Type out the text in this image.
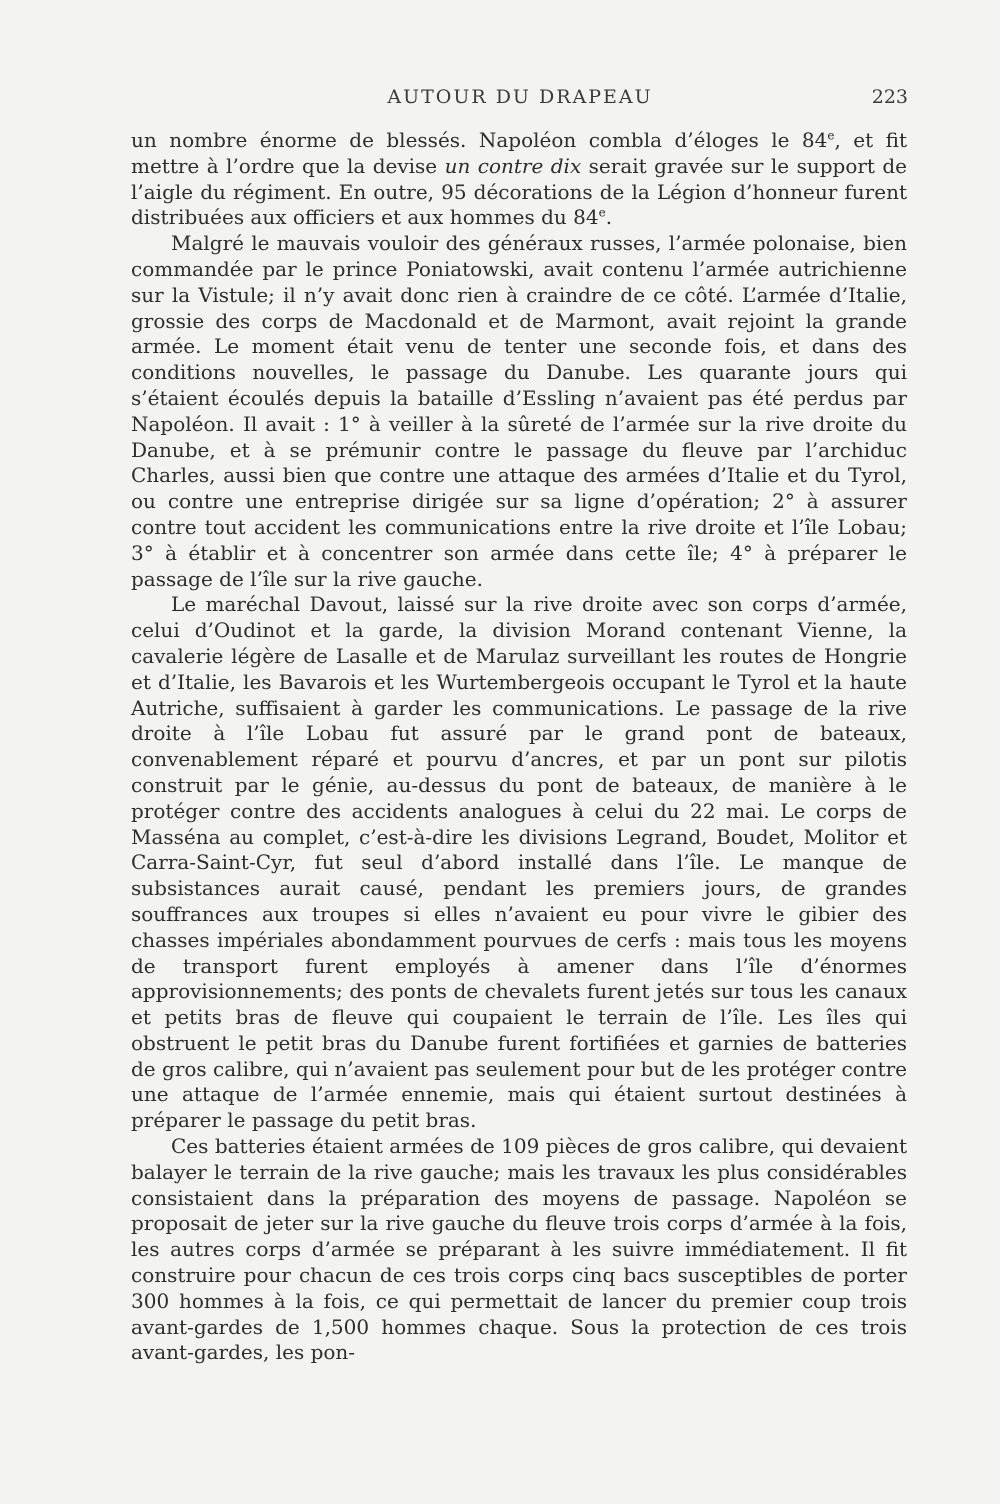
AUTOUR DU DRAPEAU	223

un nombre énorme de blessés. Napoléon combla d’éloges le 84e, et fit mettre à l’ordre que la devise un contre dix serait gravée sur le support de l’aigle du régiment. En outre, 95 décorations de la Légion d’honneur furent distribuées aux officiers et aux hommes du 84e.

Malgré le mauvais vouloir des généraux russes, l’armée polonaise, bien commandée par le prince Poniatowski, avait contenu l’armée autrichienne sur la Vistule; il n’y avait donc rien à craindre de ce côté. L’armée d’Italie, grossie des corps de Macdonald et de Marmont, avait rejoint la grande armée. Le moment était venu de tenter une seconde fois, et dans des conditions nouvelles, le passage du Danube. Les quarante jours qui s’étaient écoulés depuis la bataille d’Essling n’avaient pas été perdus par Napoléon. Il avait : 1° à veiller à la sûreté de l’armée sur la rive droite du Danube, et à se prémunir contre le passage du fleuve par l’archiduc Charles, aussi bien que contre une attaque des armées d’Italie et du Tyrol, ou contre une entreprise dirigée sur sa ligne d’opération; 2° à assurer contre tout accident les communications entre la rive droite et l’île Lobau; 3° à établir et à concentrer son armée dans cette île; 4° à préparer le passage de l’île sur la rive gauche.

Le maréchal Davout, laissé sur la rive droite avec son corps d’armée, celui d’Oudinot et la garde, la division Morand contenant Vienne, la cavalerie légère de Lasalle et de Marulaz surveillant les routes de Hongrie et d’Italie, les Bavarois et les Wurtembergeois occupant le Tyrol et la haute Autriche, suffisaient à garder les communications. Le passage de la rive droite à l’île Lobau fut assuré par le grand pont de bateaux, convenablement réparé et pourvu d’ancres, et par un pont sur pilotis construit par le génie, au-dessus du pont de bateaux, de manière à le protéger contre des accidents analogues à celui du 22 mai. Le corps de Masséna au complet, c’est-à-dire les divisions Legrand, Boudet, Molitor et Carra-Saint-Cyr, fut seul d’abord installé dans l’île. Le manque de subsistances aurait causé, pendant les premiers jours, de grandes souffrances aux troupes si elles n’avaient eu pour vivre le gibier des chasses impériales abondamment pourvues de cerfs : mais tous les moyens de transport furent employés à amener dans l’île d’énormes approvisionnements; des ponts de chevalets furent jetés sur tous les canaux et petits bras de fleuve qui coupaient le terrain de l’île. Les îles qui obstruent le petit bras du Danube furent fortifiées et garnies de batteries de gros calibre, qui n’avaient pas seulement pour but de les protéger contre une attaque de l’armée ennemie, mais qui étaient surtout destinées à préparer le passage du petit bras.

Ces batteries étaient armées de 109 pièces de gros calibre, qui devaient balayer le terrain de la rive gauche; mais les travaux les plus considérables consistaient dans la préparation des moyens de passage. Napoléon se proposait de jeter sur la rive gauche du fleuve trois corps d’armée à la fois, les autres corps d’armée se préparant à les suivre immédiatement. Il fit construire pour chacun de ces trois corps cinq bacs susceptibles de porter 300 hommes à la fois, ce qui permettait de lancer du premier coup trois avant-gardes de 1,500 hommes chaque. Sous la protection de ces trois avant-gardes, les pon-
